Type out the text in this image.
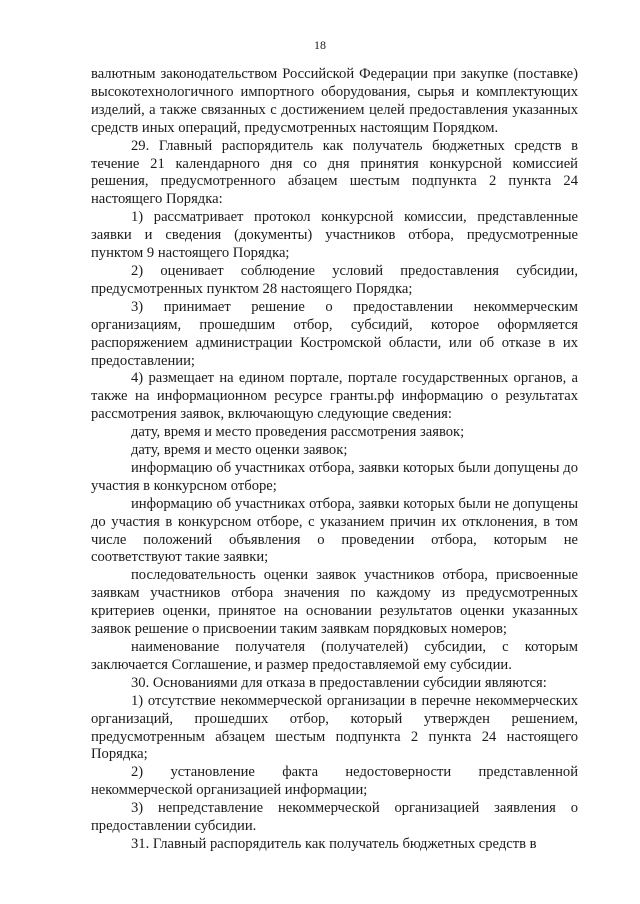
18

валютным законодательством Российской Федерации при закупке (поставке) высокотехнологичного импортного оборудования, сырья и комплектующих изделий, а также связанных с достижением целей предоставления указанных средств иных операций, предусмотренных настоящим Порядком.

29. Главный распорядитель как получатель бюджетных средств в течение 21 календарного дня со дня принятия конкурсной комиссией решения, предусмотренного абзацем шестым подпункта 2 пункта 24 настоящего Порядка:

1) рассматривает протокол конкурсной комиссии, представленные заявки и сведения (документы) участников отбора, предусмотренные пунктом 9 настоящего Порядка;

2) оценивает соблюдение условий предоставления субсидии, предусмотренных пунктом 28 настоящего Порядка;

3) принимает решение о предоставлении некоммерческим организациям, прошедшим отбор, субсидий, которое оформляется распоряжением администрации Костромской области, или об отказе в их предоставлении;

4) размещает на едином портале, портале государственных органов, а также на информационном ресурсе гранты.рф информацию о результатах рассмотрения заявок, включающую следующие сведения:

дату, время и место проведения рассмотрения заявок;

дату, время и место оценки заявок;

информацию об участниках отбора, заявки которых были допущены до участия в конкурсном отборе;

информацию об участниках отбора, заявки которых были не допущены до участия в конкурсном отборе, с указанием причин их отклонения, в том числе положений объявления о проведении отбора, которым не соответствуют такие заявки;

последовательность оценки заявок участников отбора, присвоенные заявкам участников отбора значения по каждому из предусмотренных критериев оценки, принятое на основании результатов оценки указанных заявок решение о присвоении таким заявкам порядковых номеров;

наименование получателя (получателей) субсидии, с которым заключается Соглашение, и размер предоставляемой ему субсидии.

30. Основаниями для отказа в предоставлении субсидии являются:

1) отсутствие некоммерческой организации в перечне некоммерческих организаций, прошедших отбор, который утвержден решением, предусмотренным абзацем шестым подпункта 2 пункта 24 настоящего Порядка;

2) установление факта недостоверности представленной некоммерческой организацией информации;

3) непредставление некоммерческой организацией заявления о предоставлении субсидии.

31. Главный распорядитель как получатель бюджетных средств в
